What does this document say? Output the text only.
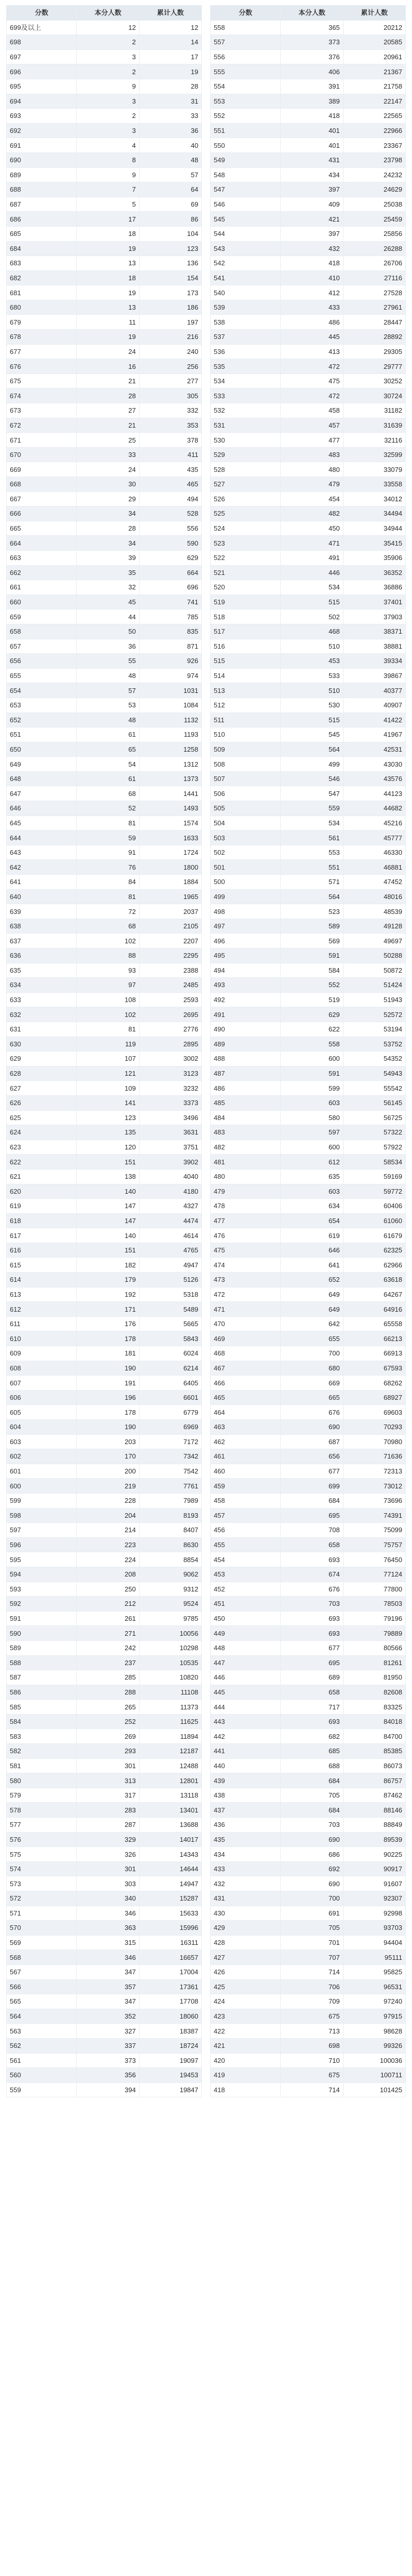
分数	本分人数	累计人数
699及以上	12	12
698	2	14
697	3	17
696	2	19
695	9	28
694	3	31
693	2	33
692	3	36
691	4	40
690	8	48
689	9	57
688	7	64
687	5	69
686	17	86
685	18	104
684	19	123
683	13	136
682	18	154
681	19	173
680	13	186
679	11	197
678	19	216
677	24	240
676	16	256
675	21	277
674	28	305
673	27	332
672	21	353
671	25	378
670	33	411
669	24	435
668	30	465
667	29	494
666	34	528
665	28	556
664	34	590
663	39	629
662	35	664
661	32	696
660	45	741
659	44	785
658	50	835
657	36	871
656	55	926
655	48	974
654	57	1031
653	53	1084
652	48	1132
651	61	1193
650	65	1258
649	54	1312
648	61	1373
647	68	1441
646	52	1493
645	81	1574
644	59	1633
643	91	1724
642	76	1800
641	84	1884
640	81	1965
639	72	2037
638	68	2105
637	102	2207
636	88	2295
635	93	2388
634	97	2485
633	108	2593
632	102	2695
631	81	2776
630	119	2895
629	107	3002
628	121	3123
627	109	3232
626	141	3373
625	123	3496
624	135	3631
623	120	3751
622	151	3902
621	138	4040
620	140	4180
619	147	4327
618	147	4474
617	140	4614
616	151	4765
615	182	4947
614	179	5126
613	192	5318
612	171	5489
611	176	5665
610	178	5843
609	181	6024
608	190	6214
607	191	6405
606	196	6601
605	178	6779
604	190	6969
603	203	7172
602	170	7342
601	200	7542
600	219	7761
599	228	7989
598	204	8193
597	214	8407
596	223	8630
595	224	8854
594	208	9062
593	250	9312
592	212	9524
591	261	9785
590	271	10056
589	242	10298
588	237	10535
587	285	10820
586	288	11108
585	265	11373
584	252	11625
583	269	11894
582	293	12187
581	301	12488
580	313	12801
579	317	13118
578	283	13401
577	287	13688
576	329	14017
575	326	14343
574	301	14644
573	303	14947
572	340	15287
571	346	15633
570	363	15996
569	315	16311
568	346	16657
567	347	17004
566	357	17361
565	347	17708
564	352	18060
563	327	18387
562	337	18724
561	373	19097
560	356	19453
559	394	19847
分数	本分人数	累计人数
558	365	20212
557	373	20585
556	376	20961
555	406	21367
554	391	21758
553	389	22147
552	418	22565
551	401	22966
550	401	23367
549	431	23798
548	434	24232
547	397	24629
546	409	25038
545	421	25459
544	397	25856
543	432	26288
542	418	26706
541	410	27116
540	412	27528
539	433	27961
538	486	28447
537	445	28892
536	413	29305
535	472	29777
534	475	30252
533	472	30724
532	458	31182
531	457	31639
530	477	32116
529	483	32599
528	480	33079
527	479	33558
526	454	34012
525	482	34494
524	450	34944
523	471	35415
522	491	35906
521	446	36352
520	534	36886
519	515	37401
518	502	37903
517	468	38371
516	510	38881
515	453	39334
514	533	39867
513	510	40377
512	530	40907
511	515	41422
510	545	41967
509	564	42531
508	499	43030
507	546	43576
506	547	44123
505	559	44682
504	534	45216
503	561	45777
502	553	46330
501	551	46881
500	571	47452
499	564	48016
498	523	48539
497	589	49128
496	569	49697
495	591	50288
494	584	50872
493	552	51424
492	519	51943
491	629	52572
490	622	53194
489	558	53752
488	600	54352
487	591	54943
486	599	55542
485	603	56145
484	580	56725
483	597	57322
482	600	57922
481	612	58534
480	635	59169
479	603	59772
478	634	60406
477	654	61060
476	619	61679
475	646	62325
474	641	62966
473	652	63618
472	649	64267
471	649	64916
470	642	65558
469	655	66213
468	700	66913
467	680	67593
466	669	68262
465	665	68927
464	676	69603
463	690	70293
462	687	70980
461	656	71636
460	677	72313
459	699	73012
458	684	73696
457	695	74391
456	708	75099
455	658	75757
454	693	76450
453	674	77124
452	676	77800
451	703	78503
450	693	79196
449	693	79889
448	677	80566
447	695	81261
446	689	81950
445	658	82608
444	717	83325
443	693	84018
442	682	84700
441	685	85385
440	688	86073
439	684	86757
438	705	87462
437	684	88146
436	703	88849
435	690	89539
434	686	90225
433	692	90917
432	690	91607
431	700	92307
430	691	92998
429	705	93703
428	701	94404
427	707	95111
426	714	95825
425	706	96531
424	709	97240
423	675	97915
422	713	98628
421	698	99326
420	710	100036
419	675	100711
418	714	101425
